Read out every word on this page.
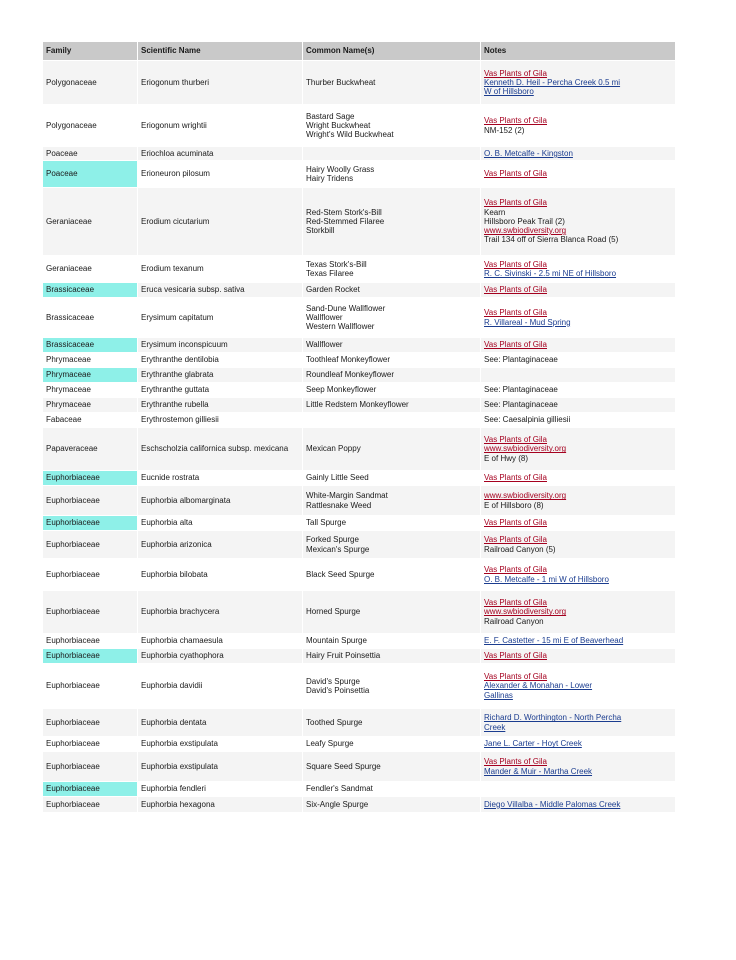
Family	Scientific Name	Common Name(s)	Notes
Polygonaceae	Eriogonum thurberi	Thurber Buckwheat	Vas Plants of Gila
Kenneth D. Heil - Percha Creek 0.5 mi
W of Hillsboro

Polygonaceae	Eriogonum wrightii	Bastard Sage
Wright Buckwheat
Wright's Wild Buckwheat	Vas Plants of Gila
NM-152 (2)

Poaceae	Eriochloa acuminata		O. B. Metcalfe - Kingston

Poaceae	Erioneuron pilosum	Hairy Woolly Grass
Hairy Tridens	Vas Plants of Gila

Geraniaceae	Erodium cicutarium	Red-Stem Stork's-Bill
Red-Stemmed Filaree
Storkbill	Vas Plants of Gila
Kearn
Hillsboro Peak Trail (2)
www.swbiodiversity.org
Trail 134 off of Sierra Blanca Road (5)

Geraniaceae	Erodium texanum	Texas Stork's-Bill
Texas Filaree	Vas Plants of Gila
R. C. Sivinski - 2.5 mi NE of Hillsboro

Brassicaceae	Eruca vesicaria subsp. sativa	Garden Rocket	Vas Plants of Gila

Brassicaceae	Erysimum capitatum	Sand-Dune Wallflower
Wallflower
Western Wallflower	Vas Plants of Gila
R. Villareal - Mud Spring

Brassicaceae	Erysimum inconspicuum	Wallflower	Vas Plants of Gila

Phrymaceae	Erythranthe dentilobia	Toothleaf Monkeyflower	See: Plantaginaceae

Phrymaceae	Erythranthe glabrata	Roundleaf Monkeyflower	

Phrymaceae	Erythranthe guttata	Seep Monkeyflower	See: Plantaginaceae

Phrymaceae	Erythranthe rubella	Little Redstem Monkeyflower	See: Plantaginaceae

Fabaceae	Erythrostemon gilliesii		See: Caesalpinia gilliesii

Papaveraceae	Eschscholzia californica subsp. mexicana	Mexican Poppy	Vas Plants of Gila
www.swbiodiversity.org
E of Hwy (8)

Euphorbiaceae	Eucnide rostrata	Gainly Little Seed	Vas Plants of Gila

Euphorbiaceae	Euphorbia albomarginata	White-Margin Sandmat
Rattlesnake Weed	www.swbiodiversity.org
E of Hillsboro (8)

Euphorbiaceae	Euphorbia alta	Tall Spurge	Vas Plants of Gila

Euphorbiaceae	Euphorbia arizonica	Forked Spurge
Mexican's Spurge	Vas Plants of Gila
Railroad Canyon (5)

Euphorbiaceae	Euphorbia bilobata	Black Seed Spurge	Vas Plants of Gila
O. B. Metcalfe - 1 mi W of Hillsboro

Euphorbiaceae	Euphorbia brachycera	Horned Spurge	Vas Plants of Gila
www.swbiodiversity.org
Railroad Canyon

Euphorbiaceae	Euphorbia chamaesula	Mountain Spurge	E. F. Castetter - 15 mi E of Beaverhead

Euphorbiaceae	Euphorbia cyathophora	Hairy Fruit Poinsettia	Vas Plants of Gila

Euphorbiaceae	Euphorbia davidii	David's Spurge
David's Poinsettia	Vas Plants of Gila
Alexander & Monahan - Lower
Gallinas

Euphorbiaceae	Euphorbia dentata	Toothed Spurge	Richard D. Worthington - North Percha
Creek

Euphorbiaceae	Euphorbia exstipulata	Leafy Spurge	Jane L. Carter - Hoyt Creek

Euphorbiaceae	Euphorbia exstipulata	Square Seed Spurge	Vas Plants of Gila
Mander & Muir - Martha Creek

Euphorbiaceae	Euphorbia fendleri	Fendler's Sandmat	

Euphorbiaceae	Euphorbia hexagona	Six-Angle Spurge	Diego Villalba - Middle Palomas Creek
